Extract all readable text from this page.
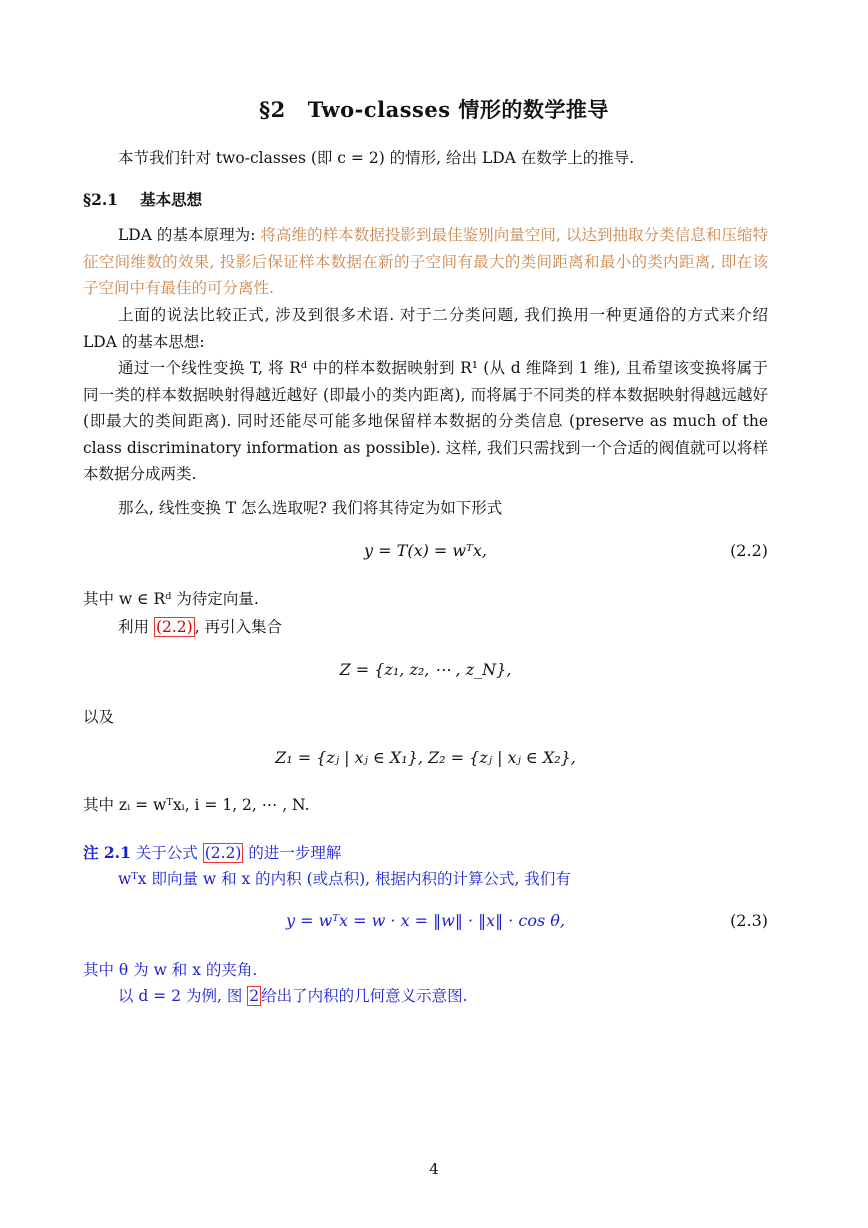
§2 Two-classes 情形的数学推导
本节我们针对 two-classes (即 c = 2) 的情形, 给出 LDA 在数学上的推导.
§2.1 基本思想
LDA 的基本原理为: 将高维的样本数据投影到最佳鉴别向量空间, 以达到抽取分类信息和压缩特征空间维数的效果, 投影后保证样本数据在新的子空间有最大的类间距离和最小的类内距离, 即在该子空间中有最佳的可分离性.
上面的说法比较正式, 涉及到很多术语. 对于二分类问题, 我们换用一种更通俗的方式来介绍 LDA 的基本思想:
通过一个线性变换 T, 将 Rᵈ 中的样本数据映射到 R¹ (从 d 维降到 1 维), 且希望该变换将属于同一类的样本数据映射得越近越好 (即最小的类内距离), 而将属于不同类的样本数据映射得越远越好 (即最大的类间距离). 同时还能尽可能多地保留样本数据的分类信息 (preserve as much of the class discriminatory information as possible). 这样, 我们只需找到一个合适的阀值就可以将样本数据分成两类.
那么, 线性变换 T 怎么选取呢? 我们将其待定为如下形式
y = T(x) = wᵀx,	(2.2)
其中 w ∈ Rᵈ 为待定向量.
利用 (2.2) , 再引入集合
Z = {z₁, z₂, ⋯ , z_N},
以及
Z₁ = {zⱼ | xⱼ ∈ X₁}, Z₂ = {zⱼ | xⱼ ∈ X₂},
其中 zᵢ = wᵀxᵢ, i = 1, 2, ⋯ , N.
注 2.1 关于公式 (2.2) 的进一步理解
wᵀx 即向量 w 和 x 的内积 (或点积), 根据内积的计算公式, 我们有
y = wᵀx = w · x = ‖w‖ · ‖x‖ · cos θ,	(2.3)
其中 θ 为 w 和 x 的夹角.
以 d = 2 为例, 图 2 给出了内积的几何意义示意图.
4
